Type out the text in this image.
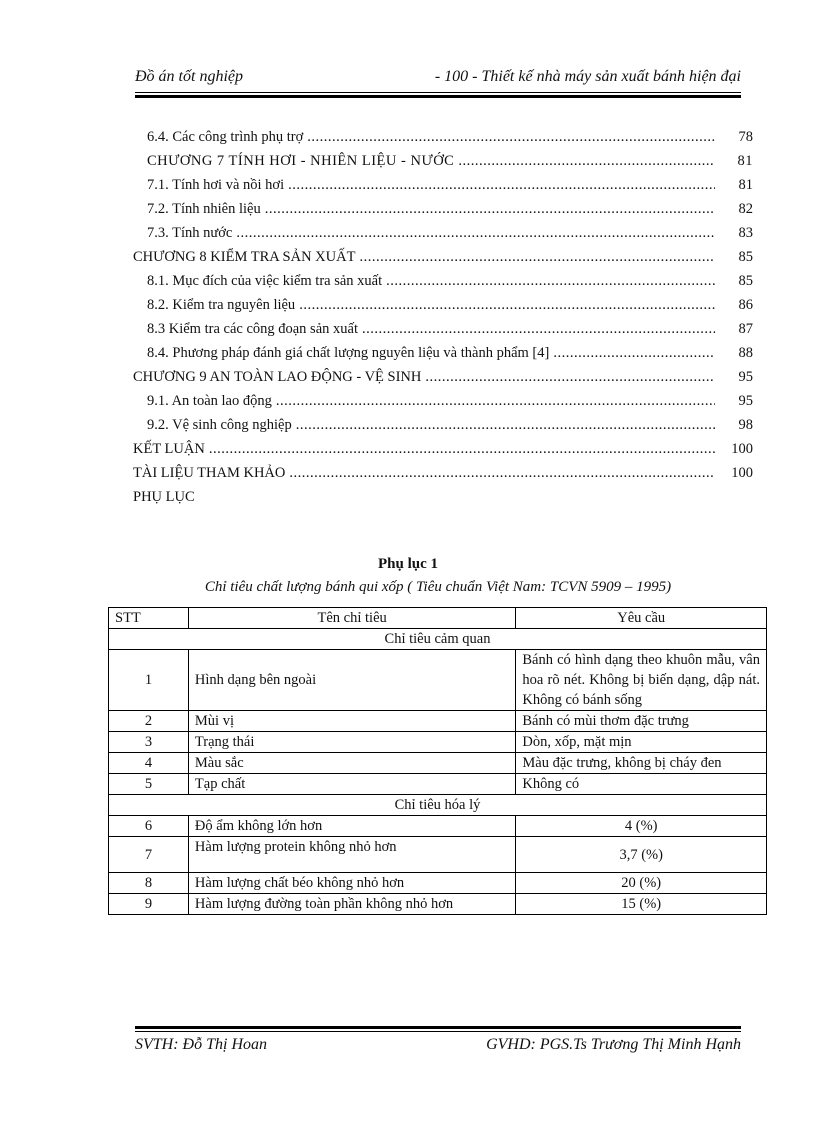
Đồ án tốt nghiệp	- 100 - Thiết kế nhà máy sản xuất bánh hiện đại
6.4. Các công trình phụ trợ .....	78
CHƯƠNG 7 TÍNH HƠI - NHIÊN LIỆU - NƯỚC .....	81
7.1. Tính hơi và nồi hơi .....	81
7.2. Tính nhiên liệu .....	82
7.3. Tính nước .....	83
CHƯƠNG 8 KIỂM TRA SẢN XUẤT .....	85
8.1. Mục đích của việc kiểm tra sản xuất .....	85
8.2. Kiểm tra nguyên liệu .....	86
8.3 Kiểm tra các công đoạn sản xuất .....	87
8.4. Phương pháp đánh giá chất lượng nguyên liệu và thành phẩm [4] .....	88
CHƯƠNG 9 AN TOÀN LAO ĐỘNG - VỆ SINH .....	95
9.1. An toàn lao động .....	95
9.2. Vệ sinh công nghiệp .....	98
KẾT LUẬN .....	100
TÀI LIỆU THAM KHẢO .....	100
PHỤ LỤC
Phụ lục 1
Chỉ tiêu chất lượng bánh qui xốp ( Tiêu chuẩn Việt Nam: TCVN 5909 – 1995)
STT	Tên chỉ tiêu	Yêu cầu
Chỉ tiêu cảm quan		
1	Hình dạng bên ngoài	Bánh có hình dạng theo khuôn mẫu, vân hoa rõ nét. Không bị biến dạng, dập nát. Không có bánh sống
2	Mùi vị	Bánh có mùi thơm đặc trưng
3	Trạng thái	Dòn, xốp, mặt mịn
4	Màu sắc	Màu đặc trưng, không bị cháy đen
5	Tạp chất	Không có
Chỉ tiêu hóa lý		
6	Độ ẩm không lớn hơn	4 (%)
7	Hàm lượng protein không nhỏ hơn	3,7 (%)
8	Hàm lượng chất béo không nhỏ hơn	20 (%)
9	Hàm lượng đường toàn phần không nhỏ hơn	15 (%)
SVTH: Đỗ Thị Hoan	GVHD: PGS.Ts Trương Thị Minh Hạnh
